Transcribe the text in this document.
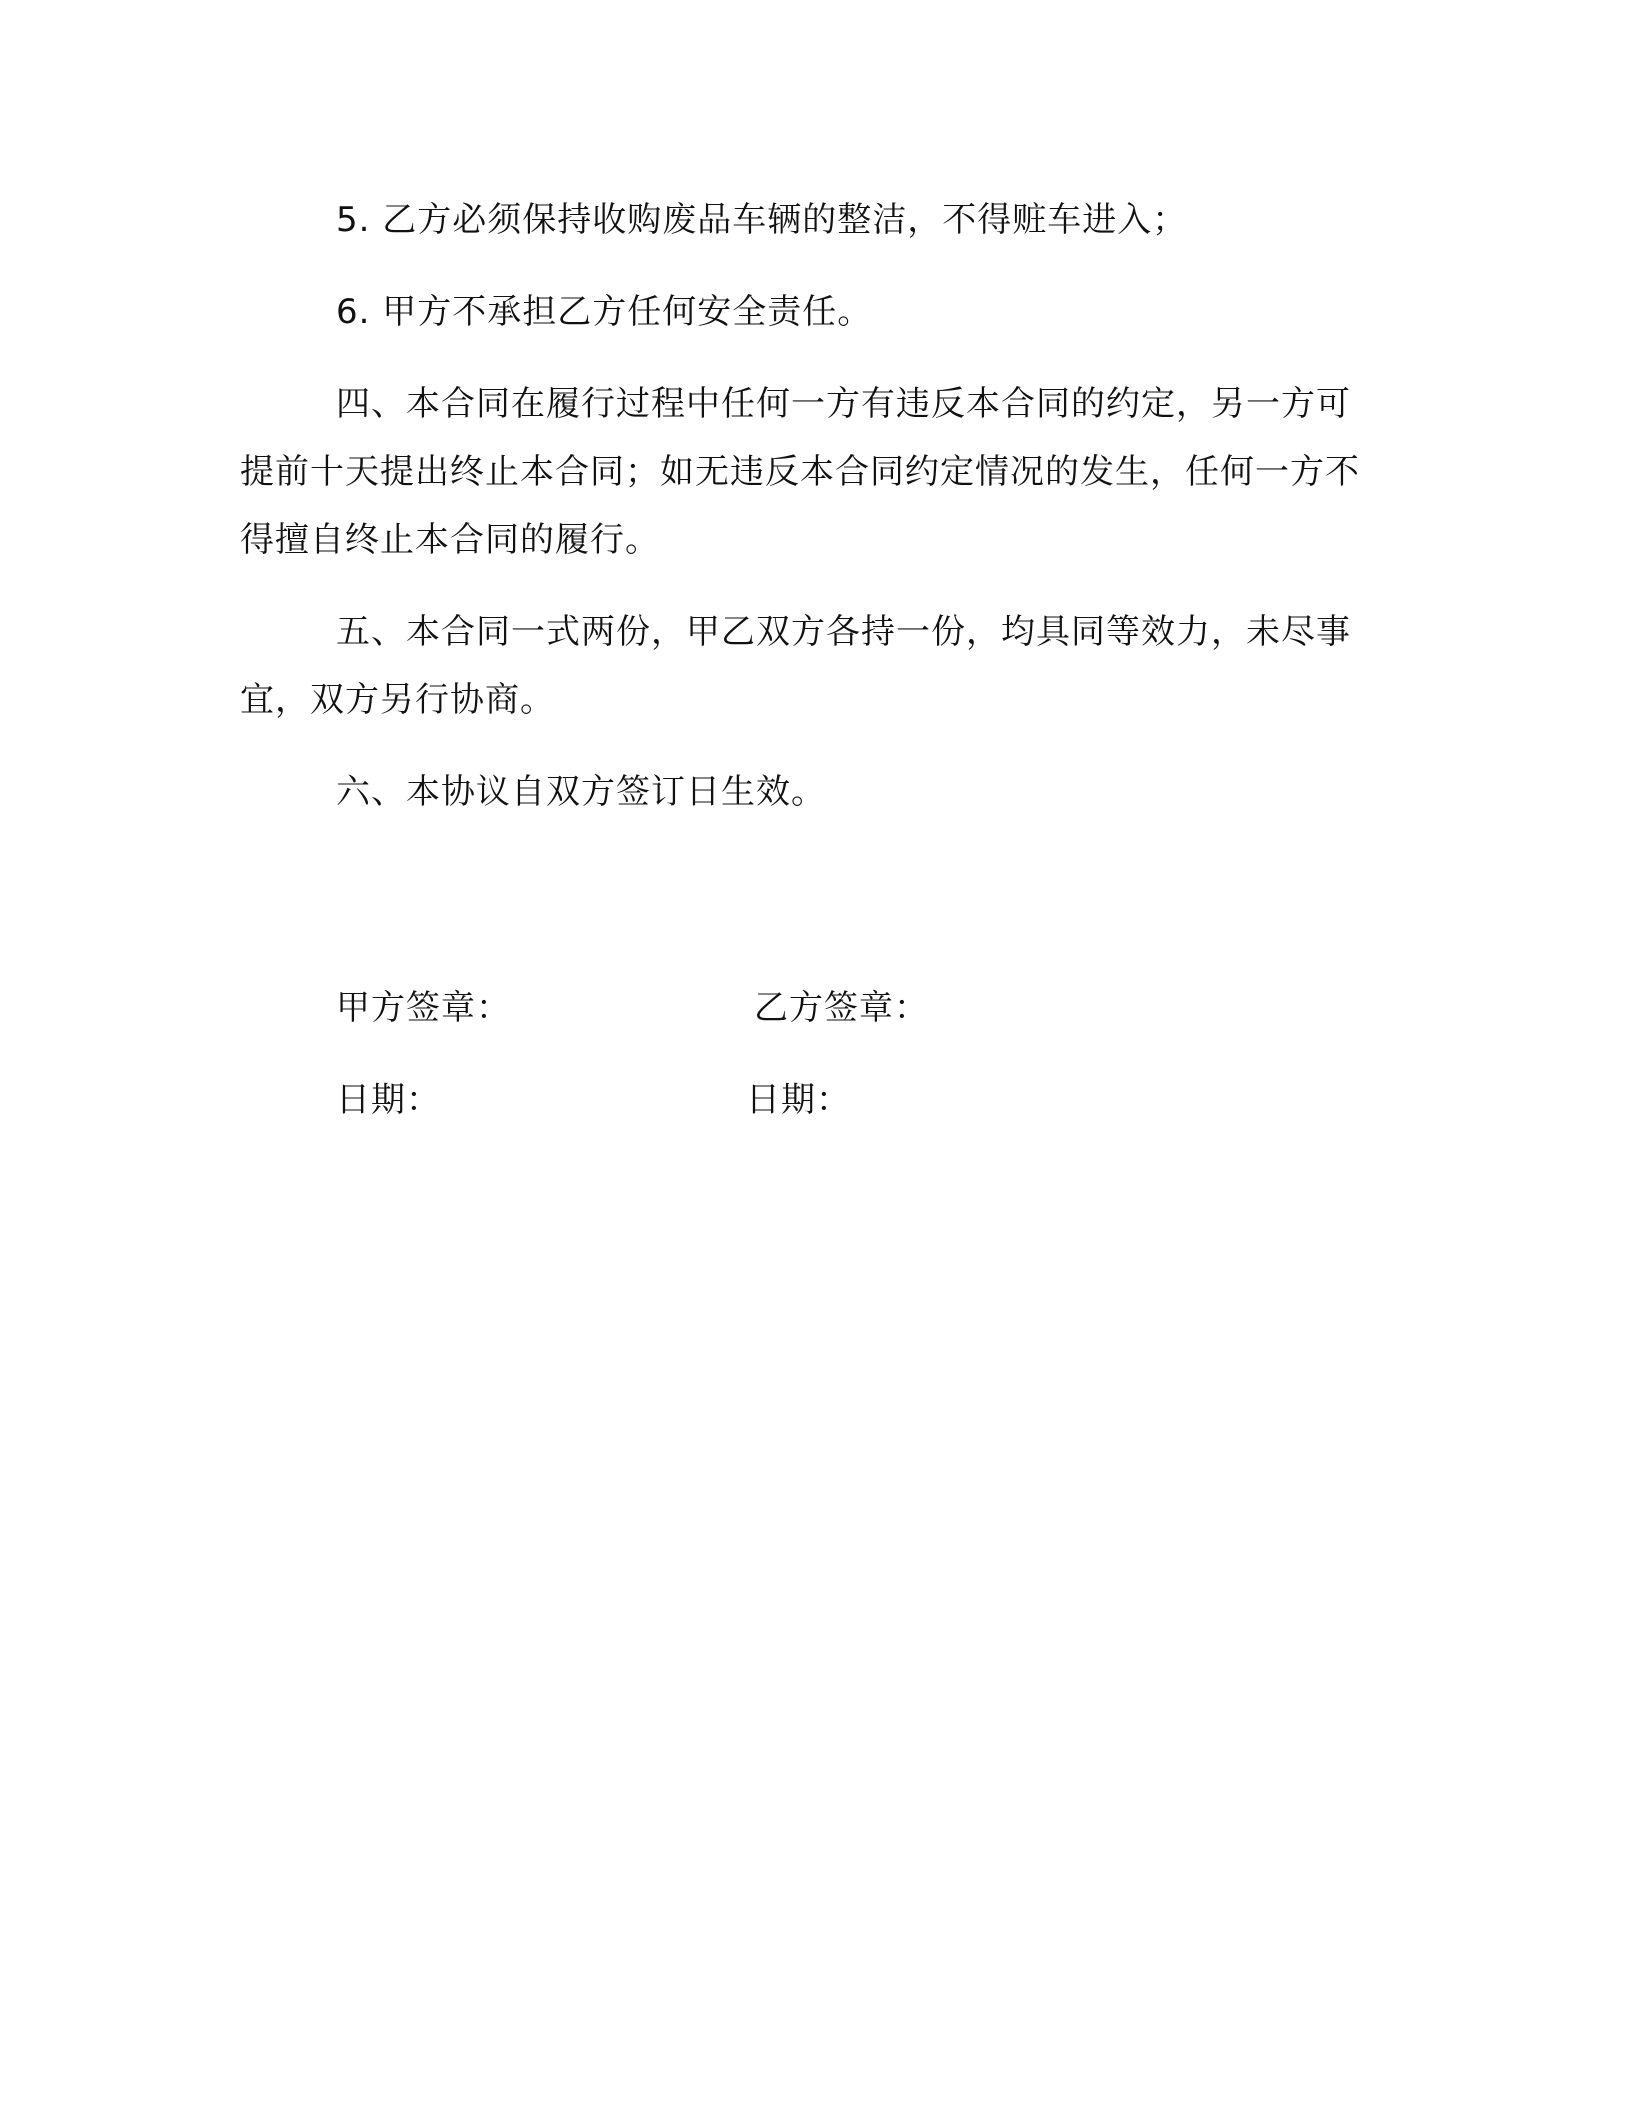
5. 乙方必须保持收购废品车辆的整洁，不得赃车进入；

6. 甲方不承担乙方任何安全责任。

四、本合同在履行过程中任何一方有违反本合同的约定，另一方可提前十天提出终止本合同；如无违反本合同约定情况的发生，任何一方不得擅自终止本合同的履行。

五、本合同一式两份，甲乙双方各持一份，均具同等效力，未尽事宜，双方另行协商。

六、本协议自双方签订日生效。

甲方签章：	乙方签章：
日期：	日期：
